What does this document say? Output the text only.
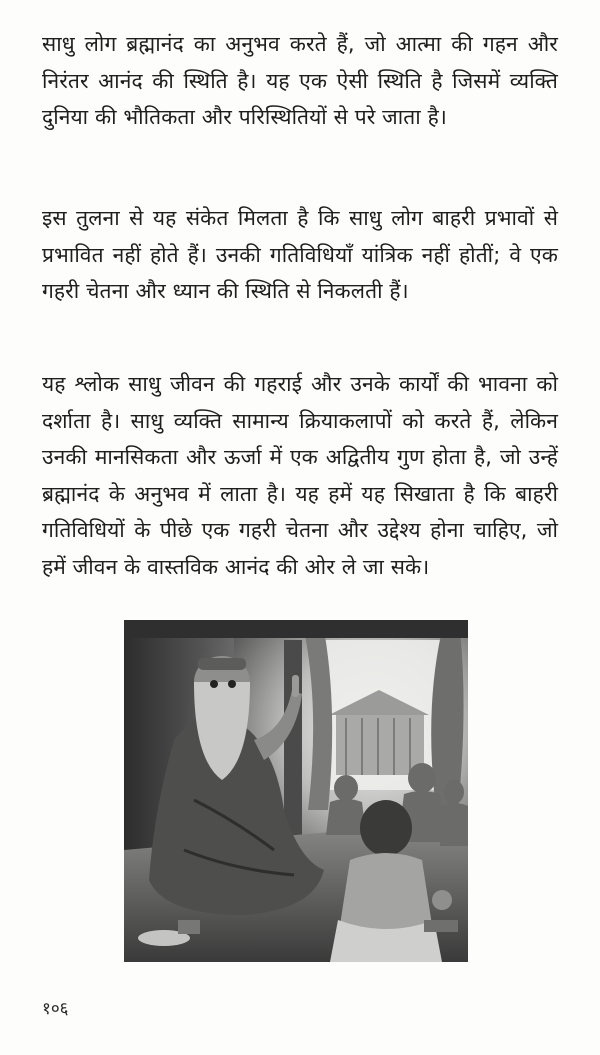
साधु लोग ब्रह्मानंद का अनुभव करते हैं, जो आत्मा की गहन और निरंतर आनंद की स्थिति है। यह एक ऐसी स्थिति है जिसमें व्यक्ति दुनिया की भौतिकता और परिस्थितियों से परे जाता है।

इस तुलना से यह संकेत मिलता है कि साधु लोग बाहरी प्रभावों से प्रभावित नहीं होते हैं। उनकी गतिविधियाँ यांत्रिक नहीं होतीं; वे एक गहरी चेतना और ध्यान की स्थिति से निकलती हैं।

यह श्लोक साधु जीवन की गहराई और उनके कार्यों की भावना को दर्शाता है। साधु व्यक्ति सामान्य क्रियाकलापों को करते हैं, लेकिन उनकी मानसिकता और ऊर्जा में एक अद्वितीय गुण होता है, जो उन्हें ब्रह्मानंद के अनुभव में लाता है। यह हमें यह सिखाता है कि बाहरी गतिविधियों के पीछे एक गहरी चेतना और उद्देश्य होना चाहिए, जो हमें जीवन के वास्तविक आनंद की ओर ले जा सके।

१०६
